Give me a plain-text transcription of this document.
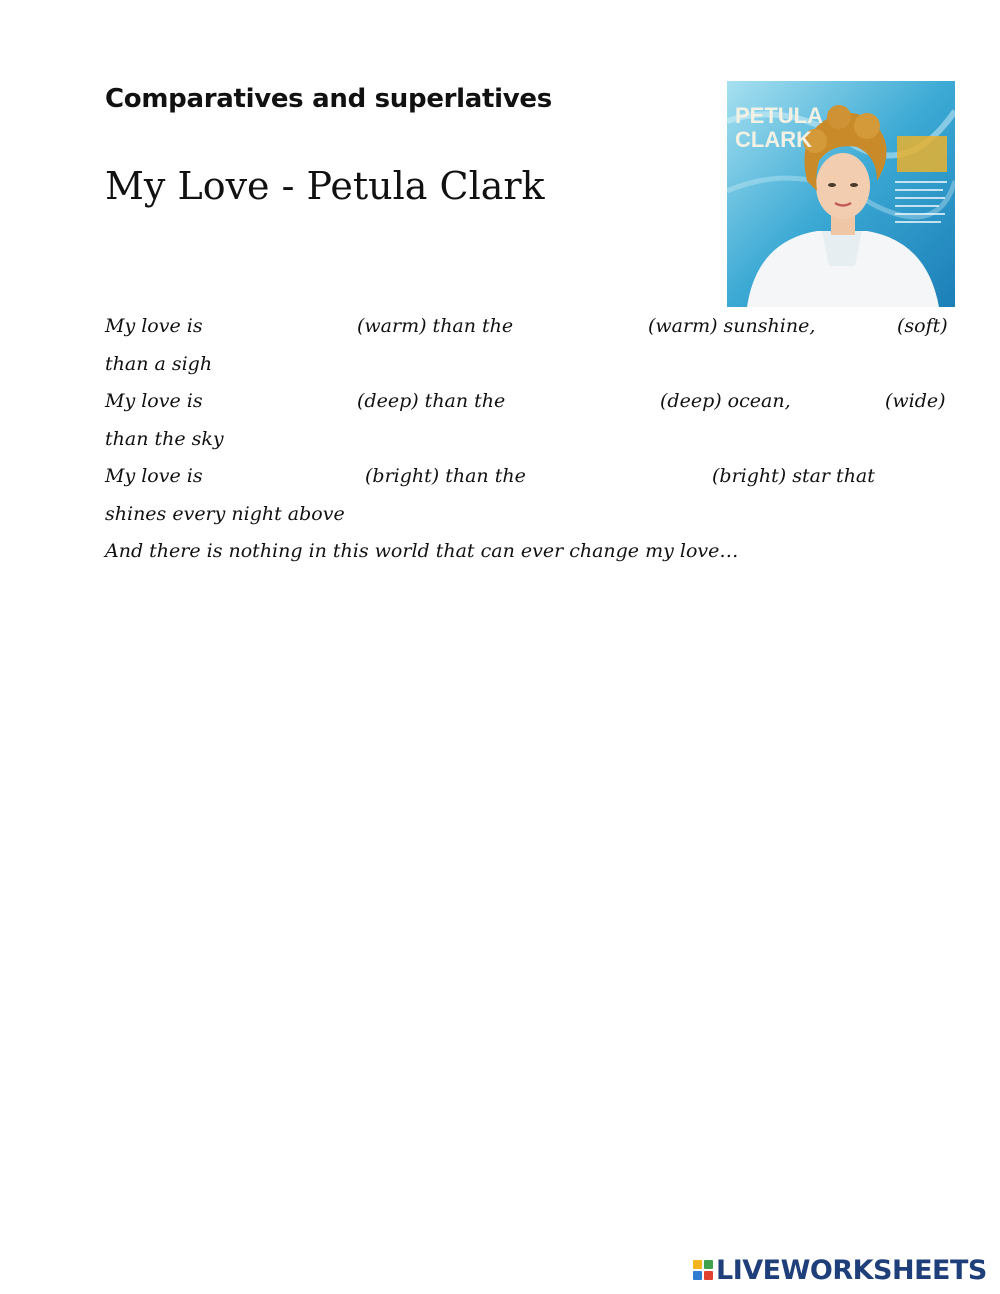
Comparatives and superlatives
My Love - Petula Clark
PETULA
CLARK
My love is	(warm) than the	(warm) sunshine,	(soft)
than a sigh
My love is	(deep) than the	(deep) ocean,	(wide)
than the sky
My love is	(bright) than the	(bright) star that
shines every night above
And there is nothing in this world that can ever change my love…
LIVEWORKSHEETS
